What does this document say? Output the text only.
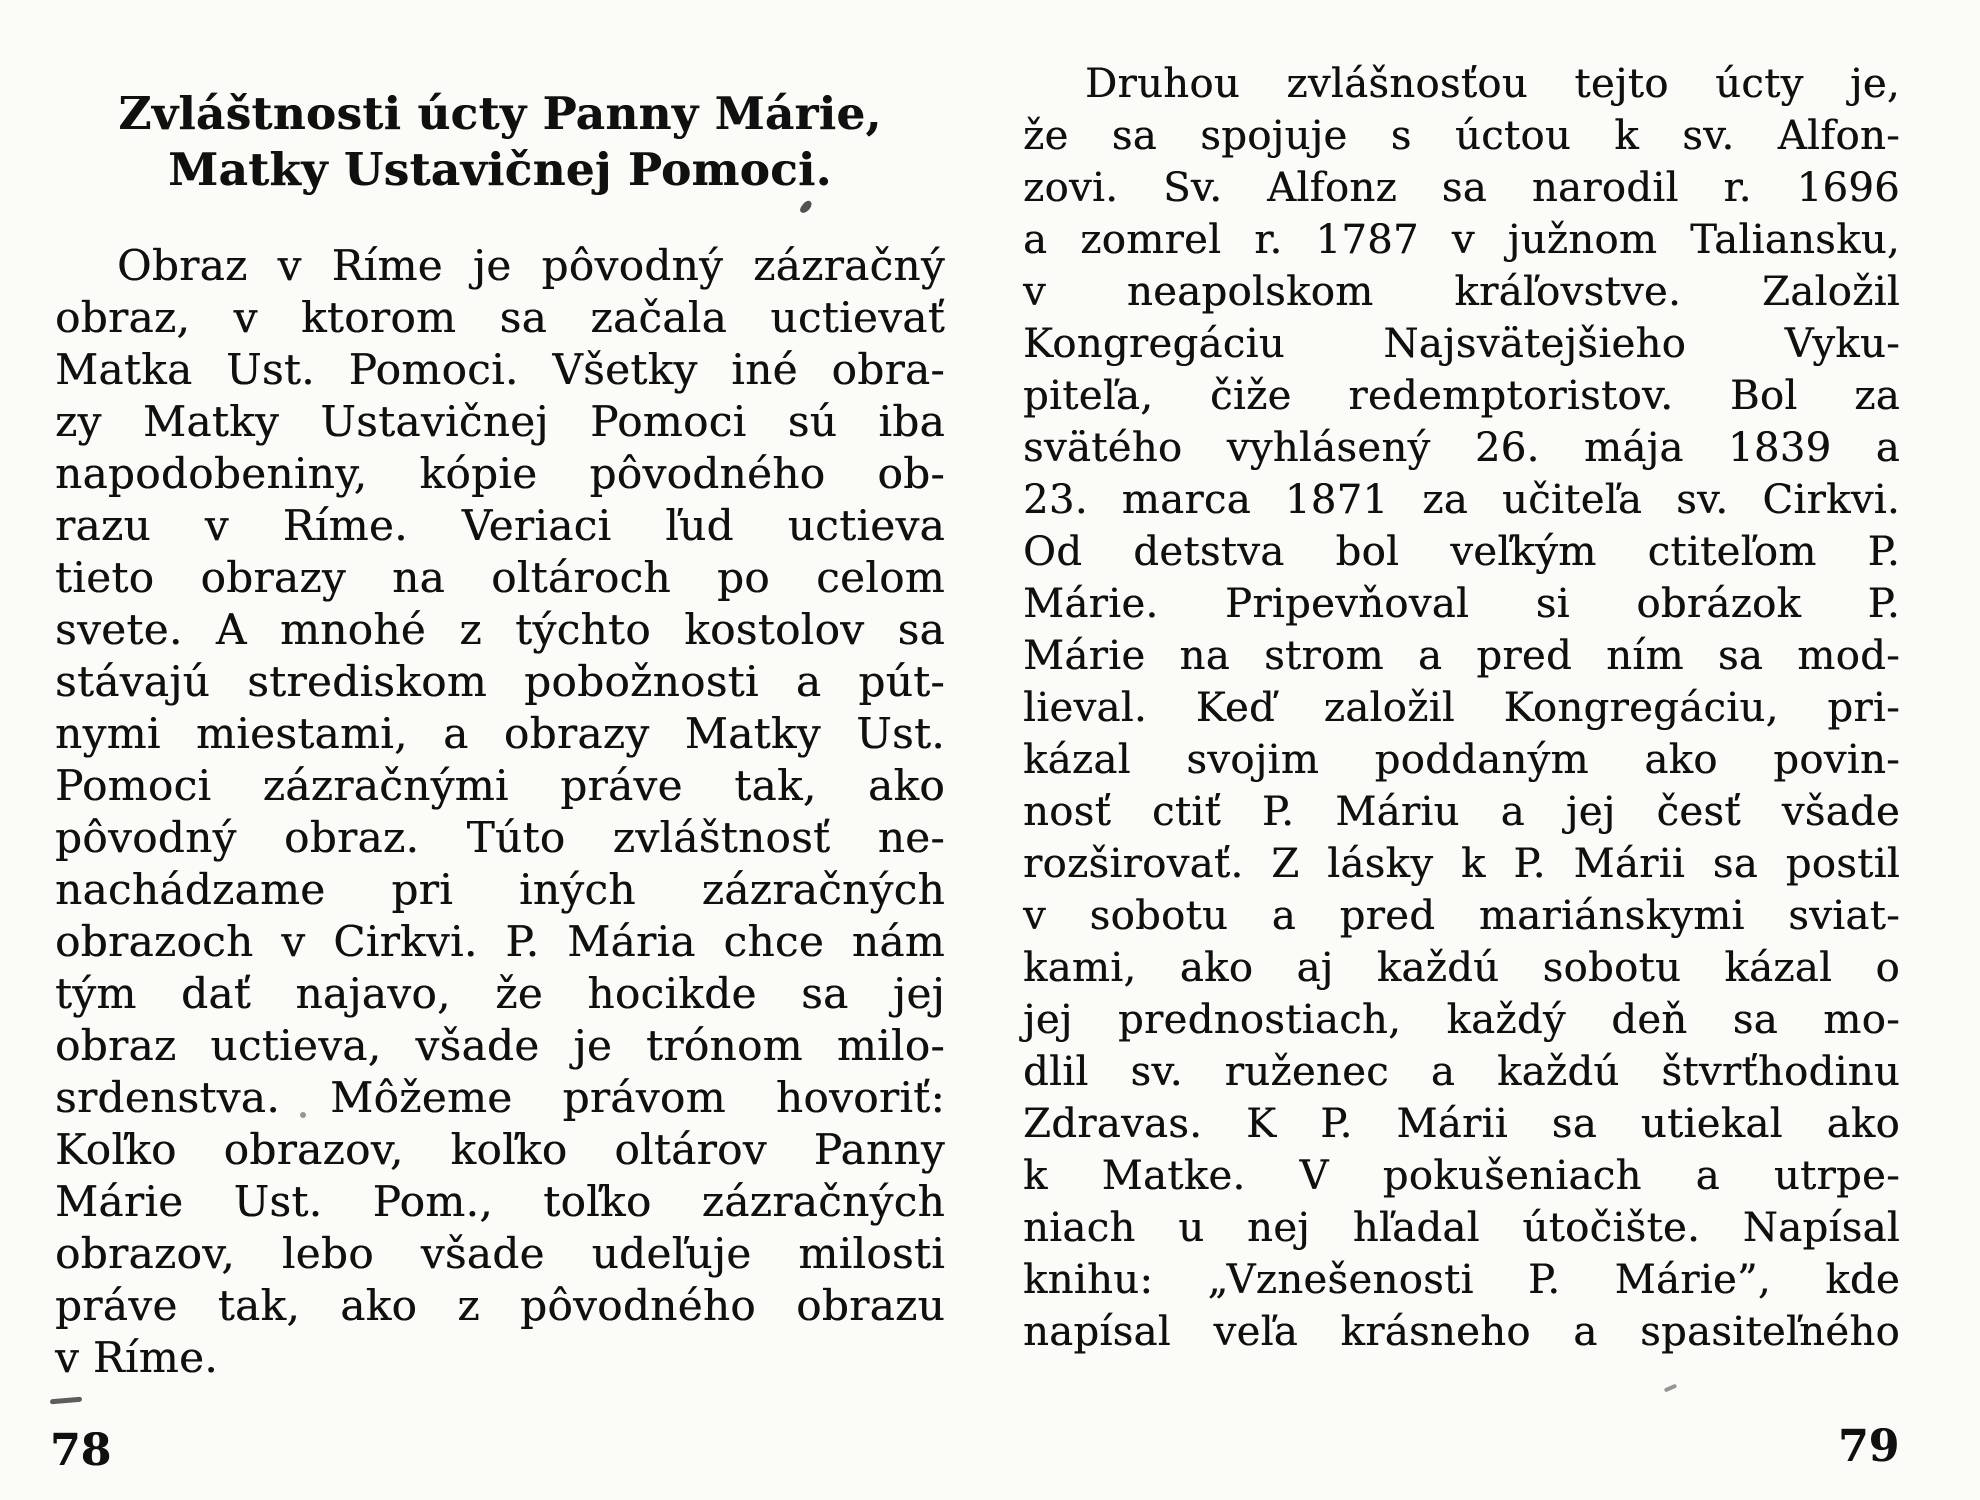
Zvláštnosti úcty Panny Márie,
Matky Ustavičnej Pomoci.
Obraz v Ríme je pôvodný zázračný
obraz, v ktorom sa začala uctievať
Matka Ust. Pomoci. Všetky iné obra-
zy Matky Ustavičnej Pomoci sú iba
napodobeniny, kópie pôvodného ob-
razu v Ríme. Veriaci ľud uctieva
tieto obrazy na oltároch po celom
svete. A mnohé z týchto kostolov sa
stávajú strediskom pobožnosti a pút-
nymi miestami, a obrazy Matky Ust.
Pomoci zázračnými práve tak, ako
pôvodný obraz. Túto zvláštnosť ne-
nachádzame pri iných zázračných
obrazoch v Cirkvi. P. Mária chce nám
tým dať najavo, že hocikde sa jej
obraz uctieva, všade je trónom milo-
srdenstva. Môžeme právom hovoriť:
Koľko obrazov, koľko oltárov Panny
Márie Ust. Pom., toľko zázračných
obrazov, lebo všade udeľuje milosti
práve tak, ako z pôvodného obrazu
v Ríme.
78
Druhou zvlášnosťou tejto úcty je,
že sa spojuje s úctou k sv. Alfon-
zovi. Sv. Alfonz sa narodil r. 1696
a zomrel r. 1787 v južnom Taliansku,
v neapolskom kráľovstve. Založil
Kongregáciu Najsvätejšieho Vyku-
piteľa, čiže redemptoristov. Bol za
svätého vyhlásený 26. mája 1839 a
23. marca 1871 za učiteľa sv. Cirkvi.
Od detstva bol veľkým ctiteľom P.
Márie. Pripevňoval si obrázok P.
Márie na strom a pred ním sa mod-
lieval. Keď založil Kongregáciu, pri-
kázal svojim poddaným ako povin-
nosť ctiť P. Máriu a jej česť všade
rozširovať. Z lásky k P. Márii sa postil
v sobotu a pred mariánskymi sviat-
kami, ako aj každú sobotu kázal o
jej prednostiach, každý deň sa mo-
dlil sv. ruženec a každú štvrťhodinu
Zdravas. K P. Márii sa utiekal ako
k Matke. V pokušeniach a utrpe-
niach u nej hľadal útočište. Napísal
knihu: „Vznešenosti P. Márie”, kde
napísal veľa krásneho a spasiteľného
79
